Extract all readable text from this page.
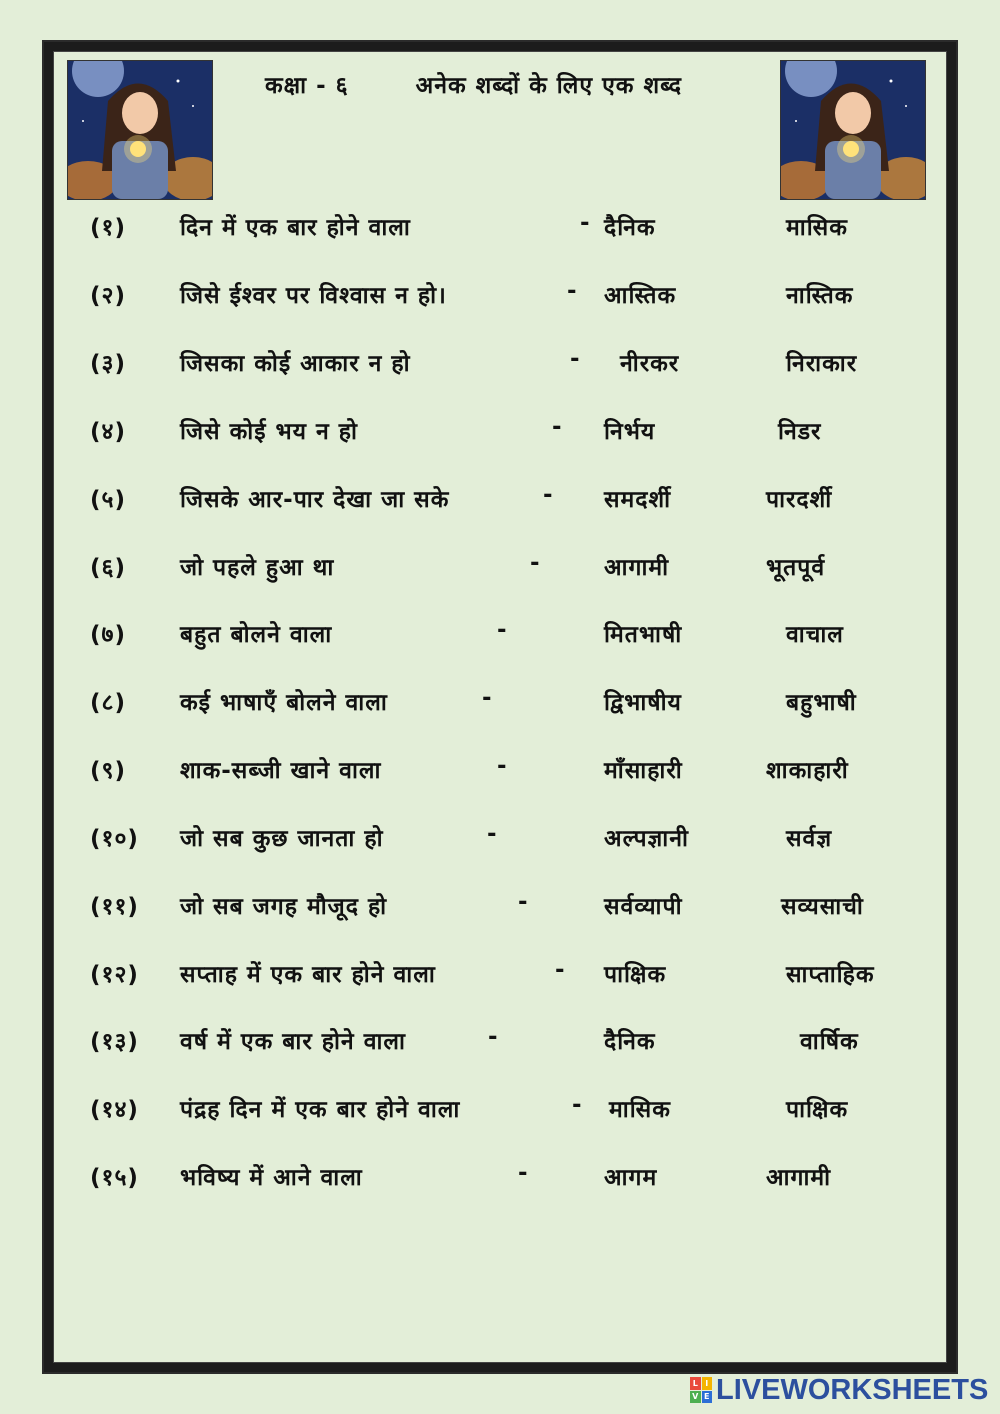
कक्षा - ६	अनेक शब्दों के लिए एक शब्द
(१) दिन में एक बार होने वाला	- दैनिक	मासिक
(२) जिसे ईश्वर पर विश्वास न हो।	- आस्तिक	नास्तिक
(३) जिसका कोई आकार न हो	- नीरकर	निराकार
(४) जिसे कोई भय न हो	- निर्भय	निडर
(५) जिसके आर-पार देखा जा सके	- समदर्शी	पारदर्शी
(६) जो पहले हुआ था	-	आगामी	भूतपूर्व
(७) बहुत बोलने वाला	-	मितभाषी	वाचाल
(८) कई भाषाएँ बोलने वाला	-	द्विभाषीय	बहुभाषी
(९) शाक-सब्जी खाने वाला	-	माँसाहारी	शाकाहारी
(१०) जो सब कुछ जानता हो	-	अल्पज्ञानी	सर्वज्ञ
(११) जो सब जगह मौजूद हो	-	सर्वव्यापी	सव्यसाची
(१२) सप्ताह में एक बार होने वाला	- पाक्षिक	साप्ताहिक
(१३) वर्ष में एक बार होने वाला	-	दैनिक	वार्षिक
(१४) पंद्रह दिन में एक बार होने वाला	- मासिक	पाक्षिक
(१५) भविष्य में आने वाला	-	आगम	आगामी
L I
V E LIVEWORKSHEETS
